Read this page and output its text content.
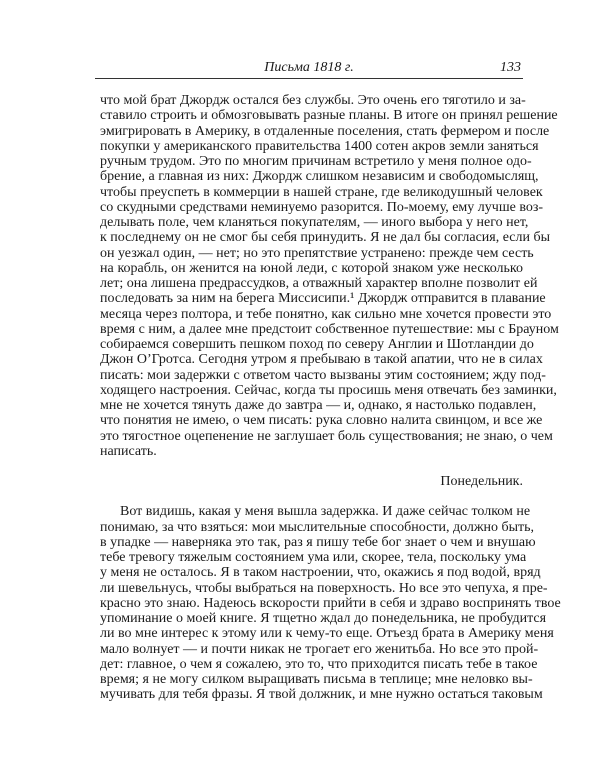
Письма 1818 г.	133
что мой брат Джордж остался без службы. Это очень его тяготило и за-
ставило строить и обмозговывать разные планы. В итоге он принял решение
эмигрировать в Америку, в отдаленные поселения, стать фермером и после
покупки у американского правительства 1400 сотен акров земли заняться
ручным трудом. Это по многим причинам встретило у меня полное одо-
брение, а главная из них: Джордж слишком независим и свободомыслящ,
чтобы преуспеть в коммерции в нашей стране, где великодушный человек
со скудными средствами неминуемо разорится. По-моему, ему лучше воз-
делывать поле, чем кланяться покупателям, — иного выбора у него нет,
к последнему он не смог бы себя принудить. Я не дал бы согласия, если бы
он уезжал один, — нет; но это препятствие устранено: прежде чем сесть
на корабль, он женится на юной леди, с которой знаком уже несколько
лет; она лишена предрассудков, а отважный характер вполне позволит ей
последовать за ним на берега Миссисипи.¹ Джордж отправится в плавание
месяца через полтора, и тебе понятно, как сильно мне хочется провести это
время с ним, а далее мне предстоит собственное путешествие: мы с Брауном
собираемся совершить пешком поход по северу Англии и Шотландии до
Джон О’Гротса. Сегодня утром я пребываю в такой апатии, что не в силах
писать: мои задержки с ответом часто вызваны этим состоянием; жду под-
ходящего настроения. Сейчас, когда ты просишь меня отвечать без заминки,
мне не хочется тянуть даже до завтра — и, однако, я настолько подавлен,
что понятия не имею, о чем писать: рука словно налита свинцом, и все же
это тягостное оцепенение не заглушает боль существования; не знаю, о чем
написать.
Понедельник.
Вот видишь, какая у меня вышла задержка. И даже сейчас толком не
понимаю, за что взяться: мои мыслительные способности, должно быть,
в упадке — наверняка это так, раз я пишу тебе бог знает о чем и внушаю
тебе тревогу тяжелым состоянием ума или, скорее, тела, поскольку ума
у меня не осталось. Я в таком настроении, что, окажись я под водой, вряд
ли шевельнусь, чтобы выбраться на поверхность. Но все это чепуха, я пре-
красно это знаю. Надеюсь вскорости прийти в себя и здраво воспринять твое
упоминание о моей книге. Я тщетно ждал до понедельника, не пробудится
ли во мне интерес к этому или к чему-то еще. Отъезд брата в Америку меня
мало волнует — и почти никак не трогает его женитьба. Но все это прой-
дет: главное, о чем я сожалею, это то, что приходится писать тебе в такое
время; я не могу силком выращивать письма в теплице; мне неловко вы-
мучивать для тебя фразы. Я твой должник, и мне нужно остаться таковым
